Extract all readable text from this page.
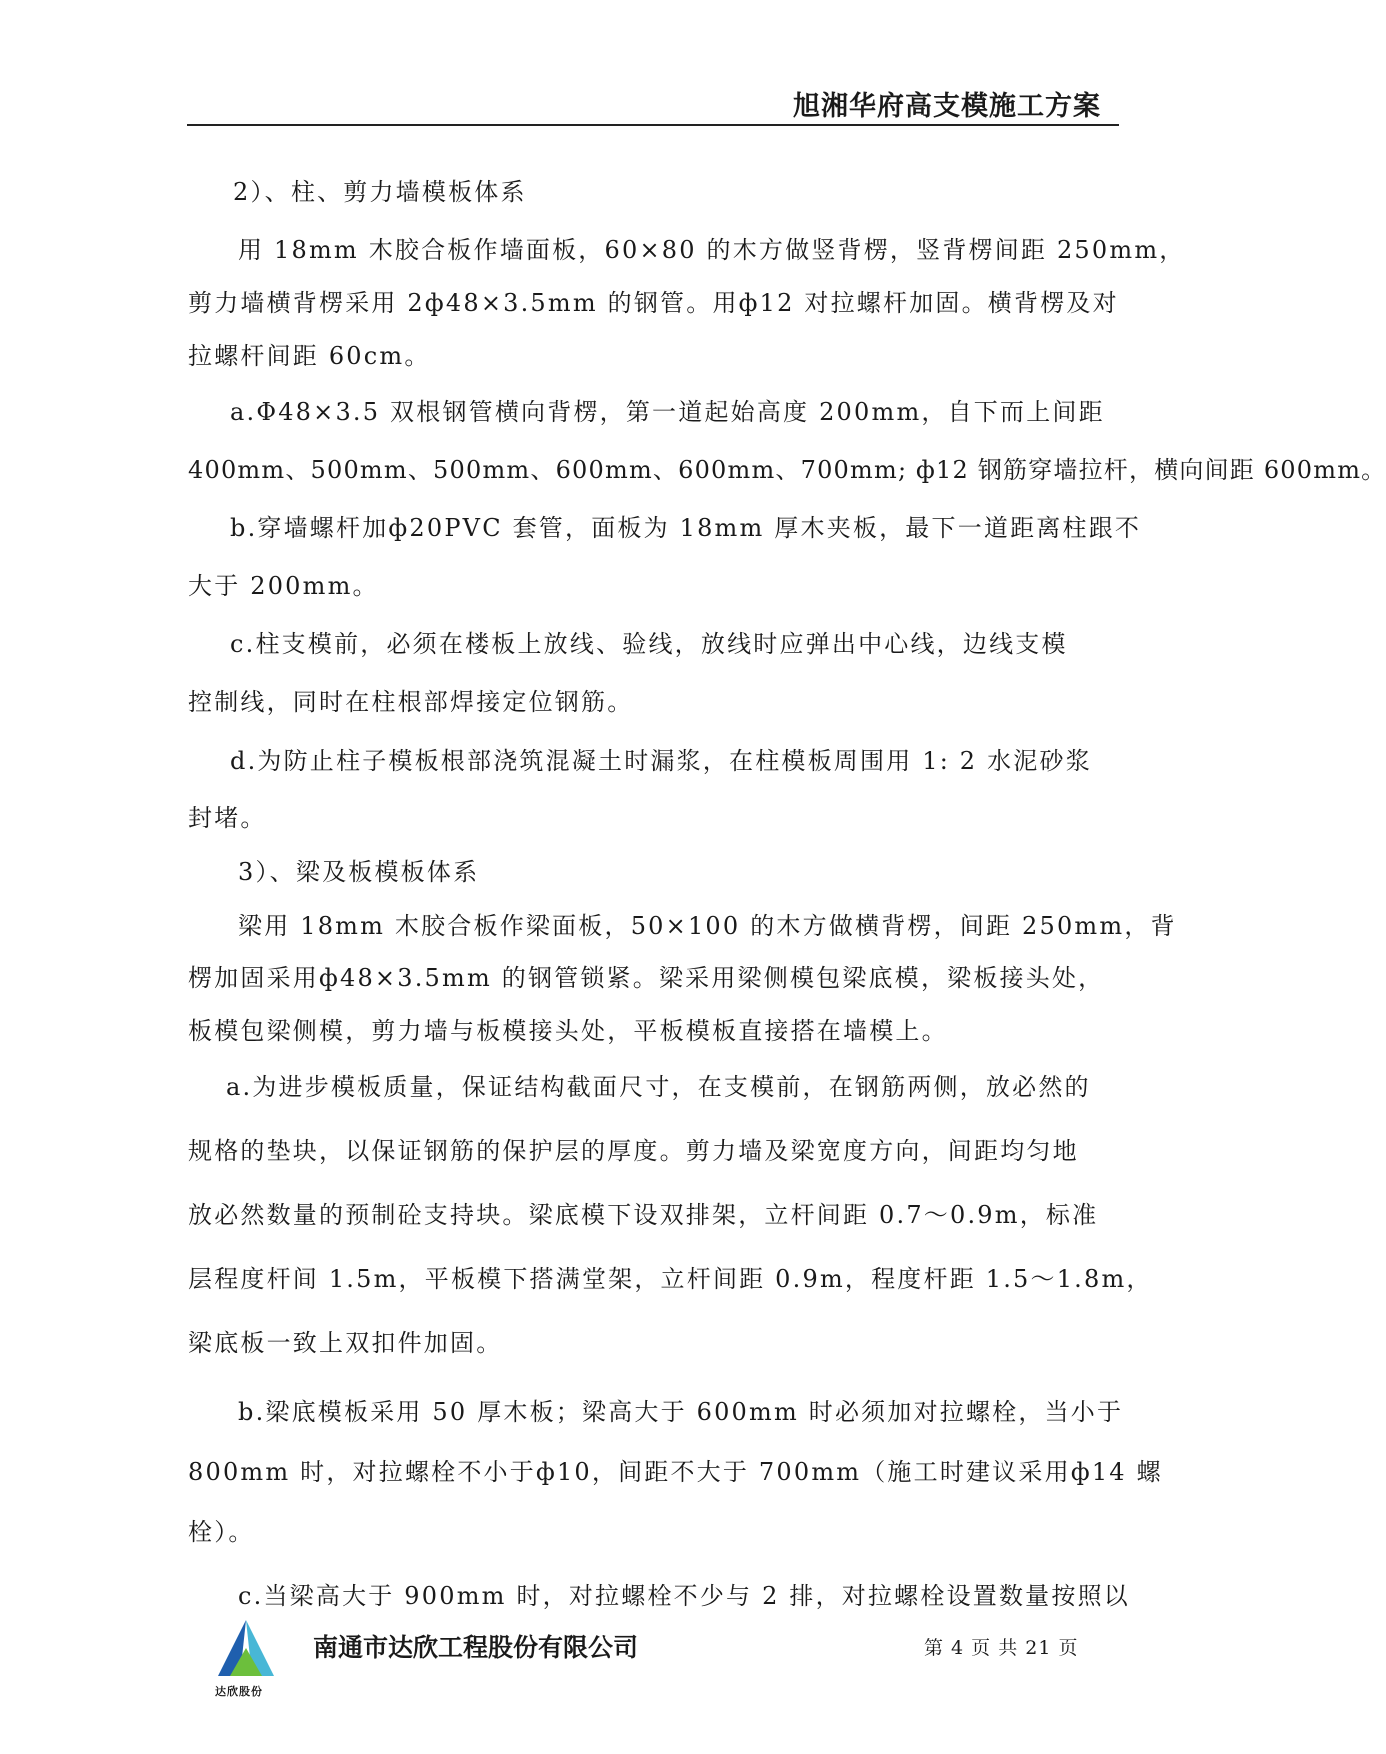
旭湘华府高支模施工方案
2）、柱、剪力墙模板体系
用 18mm 木胶合板作墙面板，60×80 的木方做竖背楞，竖背楞间距 250mm，
剪力墙横背楞采用 2ф48×3.5mm 的钢管。用ф12 对拉螺杆加固。横背楞及对
拉螺杆间距 60cm。
a.Φ48×3.5 双根钢管横向背楞，第一道起始高度 200mm，自下而上间距
400mm、500mm、500mm、600mm、600mm、700mm; ф12 钢筋穿墙拉杆，横向间距 600mm。
b.穿墙螺杆加ф20PVC 套管，面板为 18mm 厚木夹板，最下一道距离柱跟不
大于 200mm。
c.柱支模前，必须在楼板上放线、验线，放线时应弹出中心线，边线支模
控制线，同时在柱根部焊接定位钢筋。
d.为防止柱子模板根部浇筑混凝土时漏浆，在柱模板周围用 1: 2 水泥砂浆
封堵。
3）、梁及板模板体系
梁用 18mm 木胶合板作梁面板，50×100 的木方做横背楞，间距 250mm，背
楞加固采用ф48×3.5mm 的钢管锁紧。梁采用梁侧模包梁底模，梁板接头处，
板模包梁侧模，剪力墙与板模接头处，平板模板直接搭在墙模上。
a.为进步模板质量，保证结构截面尺寸，在支模前，在钢筋两侧，放必然的
规格的垫块，以保证钢筋的保护层的厚度。剪力墙及梁宽度方向，间距均匀地
放必然数量的预制砼支持块。梁底模下设双排架，立杆间距 0.7～0.9m，标准
层程度杆间 1.5m，平板模下搭满堂架，立杆间距 0.9m，程度杆距 1.5～1.8m，
梁底板一致上双扣件加固。
b.梁底模板采用 50 厚木板；梁高大于 600mm 时必须加对拉螺栓，当小于
800mm 时，对拉螺栓不小于ф10，间距不大于 700mm（施工时建议采用ф14 螺
栓）。
c.当梁高大于 900mm 时，对拉螺栓不少与 2 排，对拉螺栓设置数量按照以
达欣股份
南通市达欣工程股份有限公司	第 4 页 共 21 页
